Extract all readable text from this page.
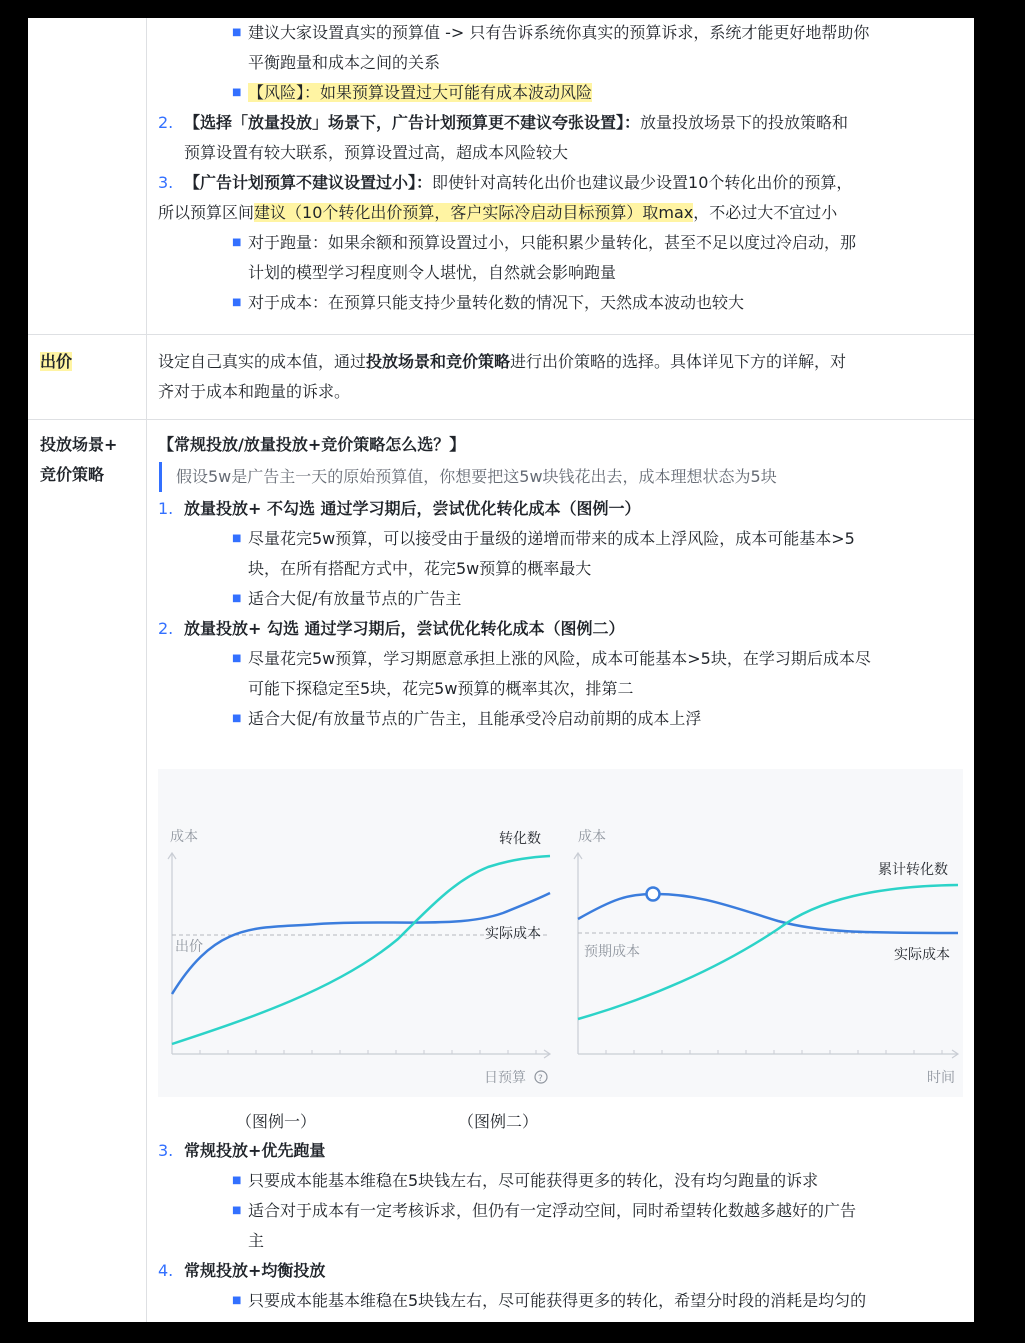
■ 建议大家设置真实的预算值 -> 只有告诉系统你真实的预算诉求，系统才能更好地帮助你
平衡跑量和成本之间的关系
■ 【风险】：如果预算设置过大可能有成本波动风险
2. 【选择「放量投放」场景下，广告计划预算更不建议夸张设置】：放量投放场景下的投放策略和
预算设置有较大联系，预算设置过高，超成本风险较大
3. 【广告计划预算不建议设置过小】：即使针对高转化出价也建议最少设置10个转化出价的预算，
所以预算区间建议（10个转化出价预算，客户实际冷启动目标预算）取max，不必过大不宜过小
■ 对于跑量：如果余额和预算设置过小，只能积累少量转化，甚至不足以度过冷启动，那
计划的模型学习程度则令人堪忧，自然就会影响跑量
■ 对于成本：在预算只能支持少量转化数的情况下，天然成本波动也较大
出价	设定自己真实的成本值，通过投放场景和竞价策略进行出价策略的选择。具体详见下方的详解，对
齐对于成本和跑量的诉求。
投放场景+
竞价策略
【常规投放/放量投放+竞价策略怎么选？】
假设5w是广告主一天的原始预算值，你想要把这5w块钱花出去，成本理想状态为5块
1. 放量投放+ 不勾选 通过学习期后，尝试优化转化成本（图例一）
■ 尽量花完5w预算，可以接受由于量级的递增而带来的成本上浮风险，成本可能基本>5
块，在所有搭配方式中，花完5w预算的概率最大
■ 适合大促/有放量节点的广告主
2. 放量投放+ 勾选 通过学习期后，尝试优化转化成本（图例二）
■ 尽量花完5w预算，学习期愿意承担上涨的风险，成本可能基本>5块，在学习期后成本尽
可能下探稳定至5块，花完5w预算的概率其次，排第二
■ 适合大促/有放量节点的广告主，且能承受冷启动前期的成本上浮
成本
出价
转化数
实际成本
日预算 ?
成本
预期成本
累计转化数
实际成本
时间
（图例一）	（图例二）
3. 常规投放+优先跑量
■ 只要成本能基本维稳在5块钱左右，尽可能获得更多的转化，没有均匀跑量的诉求
■ 适合对于成本有一定考核诉求，但仍有一定浮动空间，同时希望转化数越多越好的广告
主
4. 常规投放+均衡投放
■ 只要成本能基本维稳在5块钱左右，尽可能获得更多的转化，希望分时段的消耗是均匀的
